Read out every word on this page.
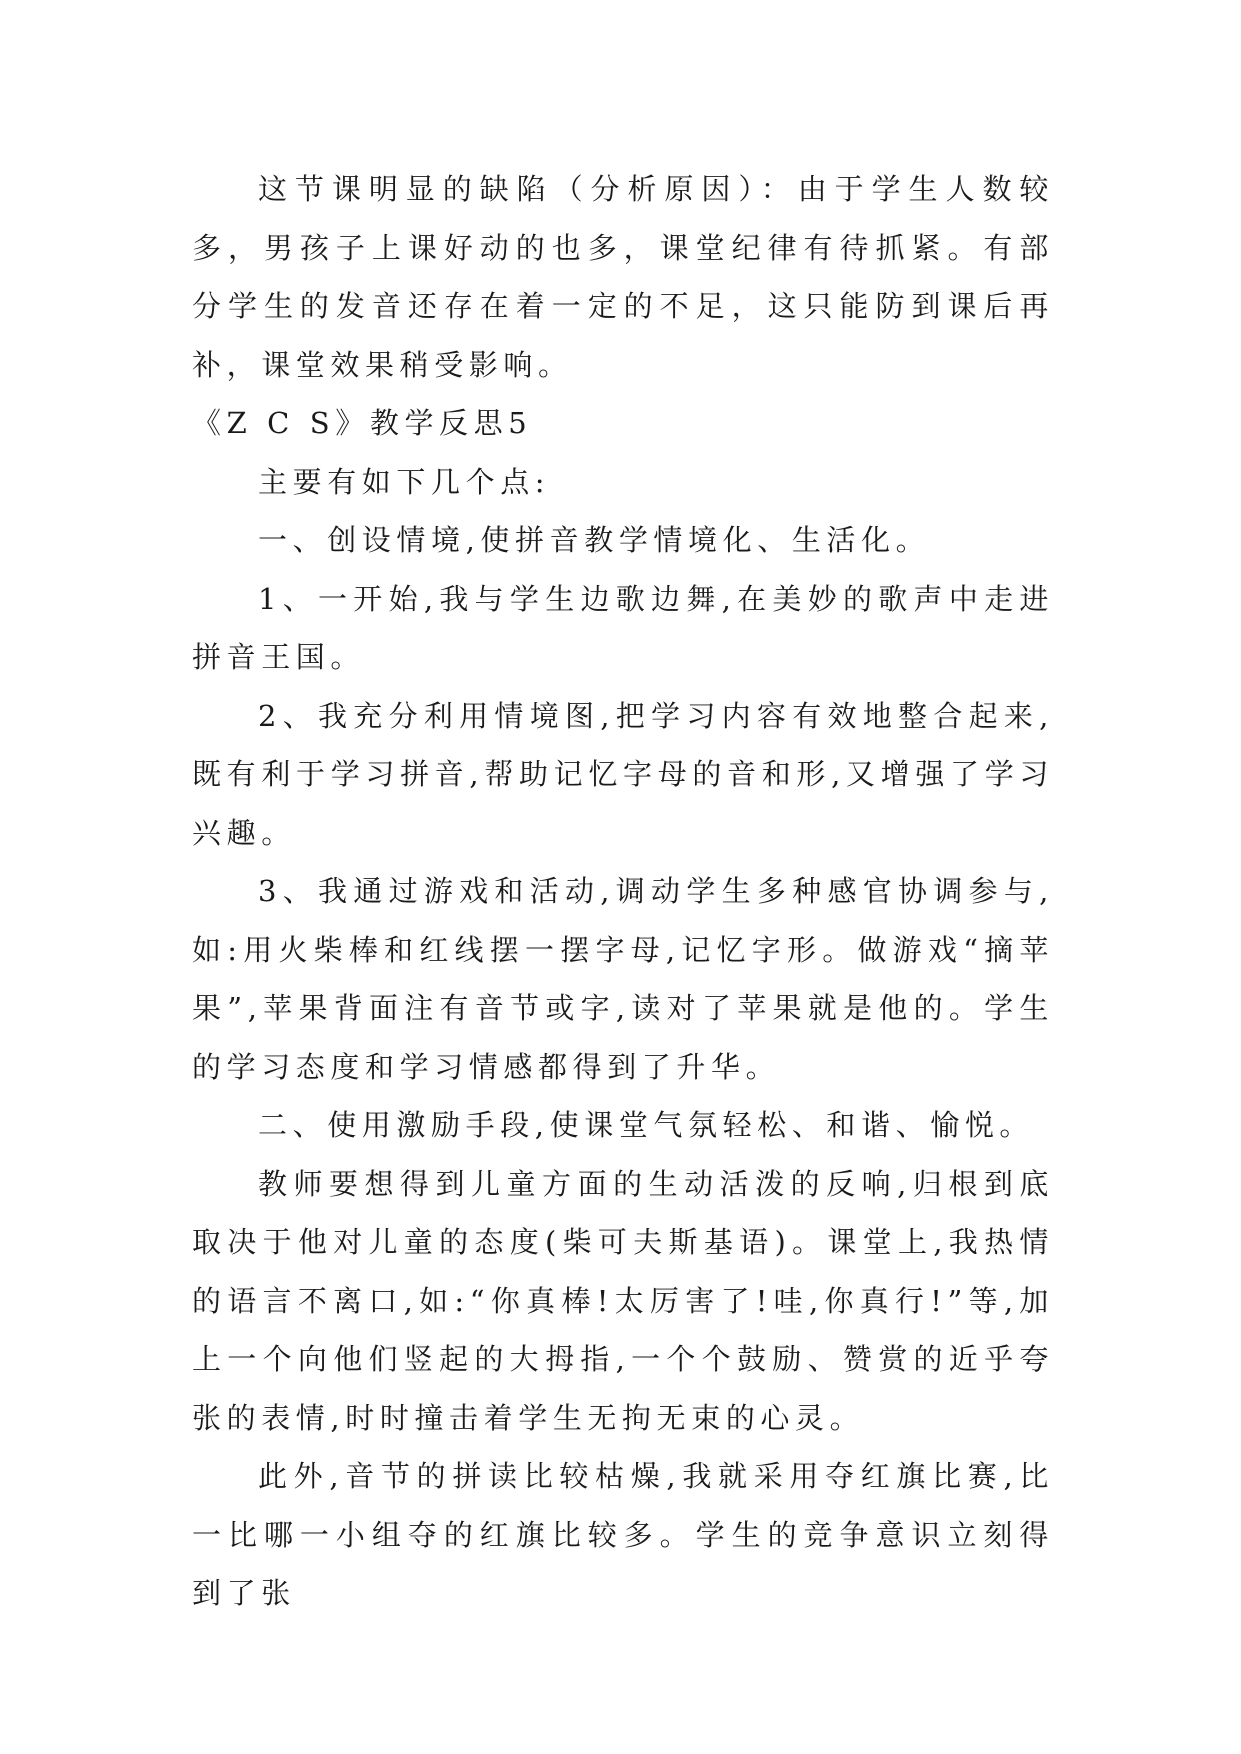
这节课明显的缺陷（分析原因）：由于学生人数较多，男孩子上课好动的也多，课堂纪律有待抓紧。有部分学生的发音还存在着一定的不足，这只能防到课后再补，课堂效果稍受影响。

《Z C S》教学反思5

主要有如下几个点:

一、创设情境,使拼音教学情境化、生活化。

1、一开始,我与学生边歌边舞,在美妙的歌声中走进拼音王国。

2、我充分利用情境图,把学习内容有效地整合起来,既有利于学习拼音,帮助记忆字母的音和形,又增强了学习兴趣。

3、我通过游戏和活动,调动学生多种感官协调参与,如:用火柴棒和红线摆一摆字母,记忆字形。做游戏“摘苹果”,苹果背面注有音节或字,读对了苹果就是他的。学生的学习态度和学习情感都得到了升华。

二、使用激励手段,使课堂气氛轻松、和谐、愉悦。

教师要想得到儿童方面的生动活泼的反响,归根到底取决于他对儿童的态度(柴可夫斯基语)。课堂上,我热情的语言不离口,如:“你真棒!太厉害了!哇,你真行!”等,加上一个向他们竖起的大拇指,一个个鼓励、赞赏的近乎夸张的表情,时时撞击着学生无拘无束的心灵。

此外,音节的拼读比较枯燥,我就采用夺红旗比赛,比一比哪一小组夺的红旗比较多。学生的竞争意识立刻得到了张
